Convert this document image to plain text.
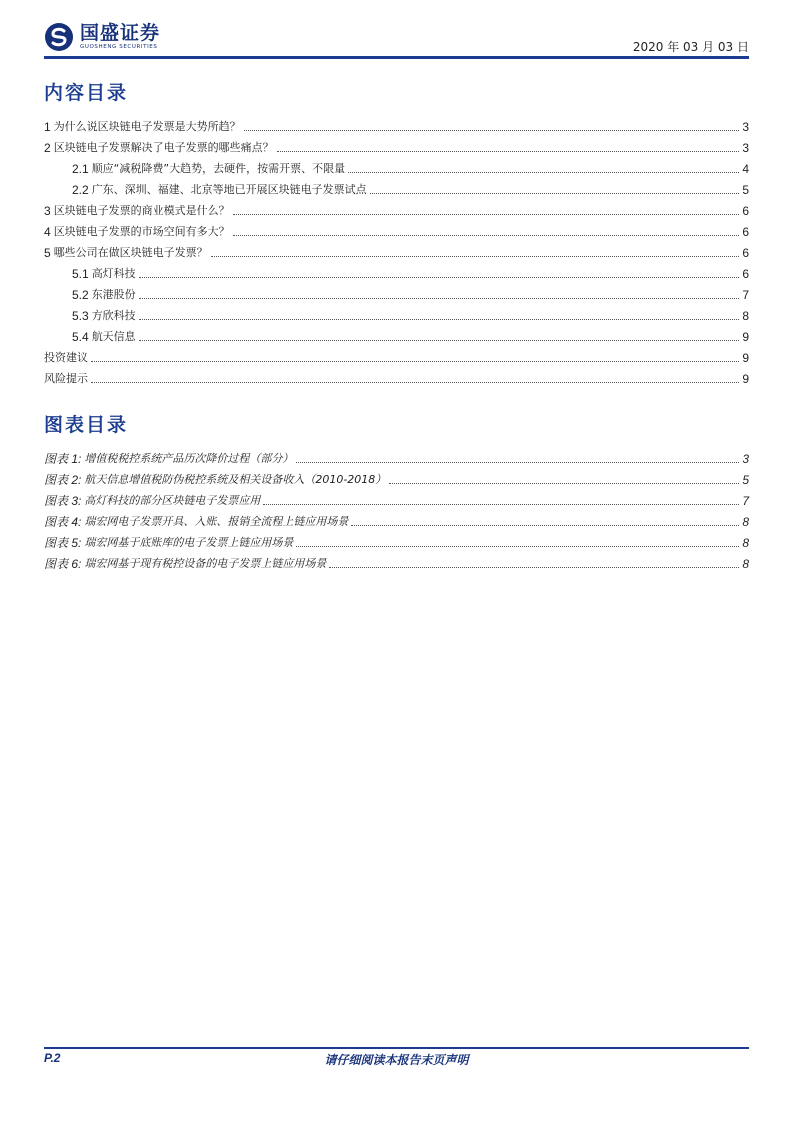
国盛证券
GUOSHENG SECURITIES	2020 年 03 月 03 日
内容目录
1 为什么说区块链电子发票是大势所趋？	3
2 区块链电子发票解决了电子发票的哪些痛点？	3
2.1 顺应“减税降费”大趋势，去硬件，按需开票、不限量	4
2.2 广东、深圳、福建、北京等地已开展区块链电子发票试点	5
3 区块链电子发票的商业模式是什么？	6
4 区块链电子发票的市场空间有多大？	6
5 哪些公司在做区块链电子发票？	6
5.1 高灯科技	6
5.2 东港股份	7
5.3 方欣科技	8
5.4 航天信息	9
投资建议	9
风险提示	9
图表目录
图表 1: 增值税税控系统产品历次降价过程（部分）	3
图表 2: 航天信息增值税防伪税控系统及相关设备收入（2010-2018）	5
图表 3: 高灯科技的部分区块链电子发票应用	7
图表 4: 瑞宏网电子发票开具、入账、报销全流程上链应用场景	8
图表 5: 瑞宏网基于底账库的电子发票上链应用场景	8
图表 6: 瑞宏网基于现有税控设备的电子发票上链应用场景	8
请仔细阅读本报告末页声明
P.2
